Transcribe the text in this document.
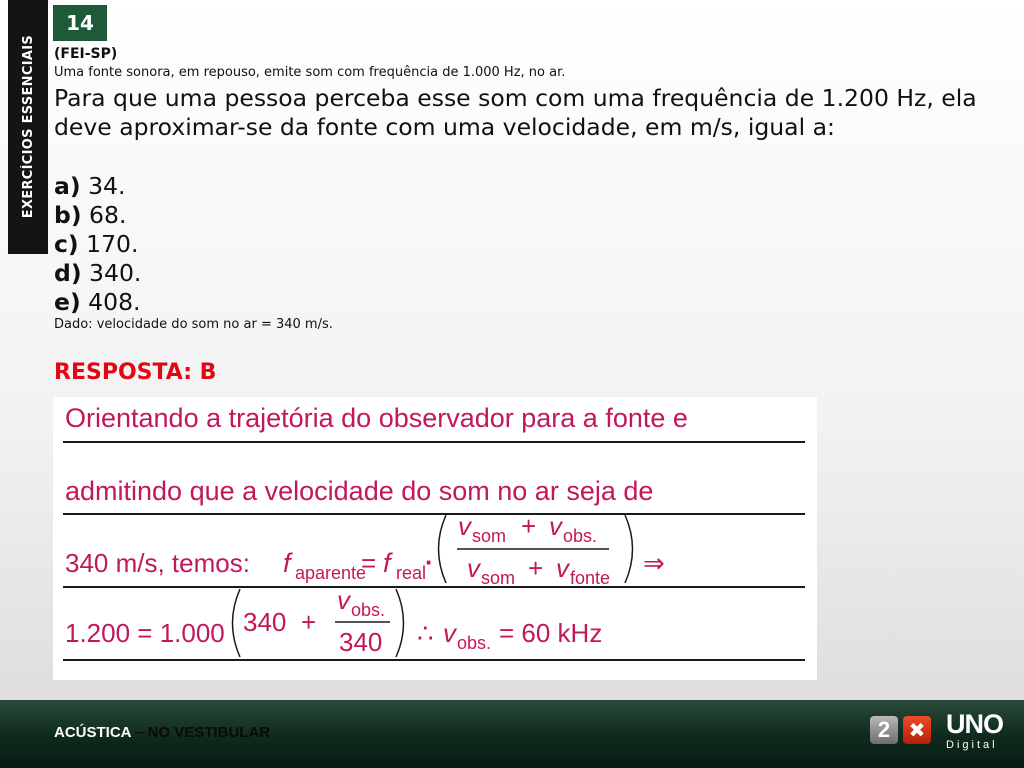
EXERCÍCIOS ESSENCIAIS
14
(FEI-SP)
Uma fonte sonora, em repouso, emite som com frequência de 1.000 Hz, no ar.
Para que uma pessoa perceba esse som com uma frequência de 1.200 Hz, ela deve aproximar-se da fonte com uma velocidade, em m/s, igual a:
a) 34.
b) 68.
c) 170.
d) 340.
e) 408.
Dado: velocidade do som no ar = 340 m/s.
RESPOSTA: B
Orientando a trajetória do observador para a fonte e
admitindo que a velocidade do som no ar seja de
340 m/s, temos: f aparente
= f real
·
v som + v obs.
v som + v fonte ⇒
1.200 = 1.000 340 +
v obs.
340 ∴ v obs. = 60 kHz
ACÚSTICA – NO VESTIBULAR	2 ✖ UNO
Digital
